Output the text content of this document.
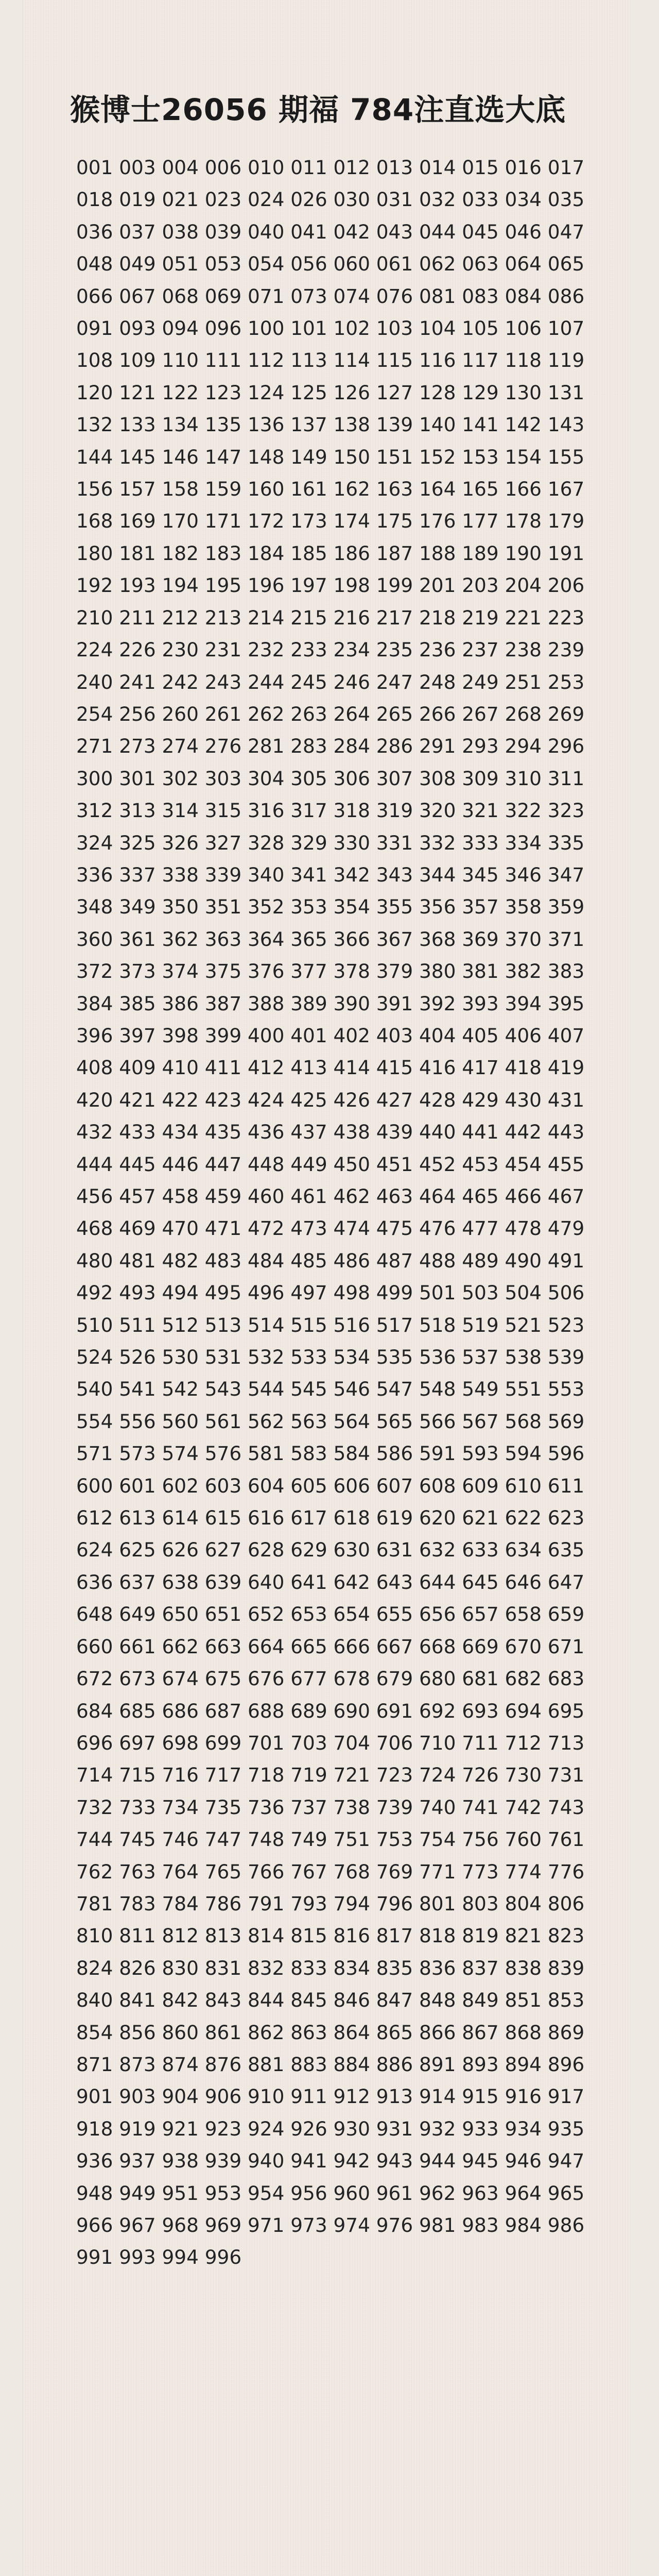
猴博士26056 期福 784注直选大底
001 003 004 006 010 011 012 013 014 015 016 017 018 019 021 023 024 026 030 031 032 033 034 035 036 037 038 039 040 041 042 043 044 045 046 047 048 049 051 053 054 056 060 061 062 063 064 065 066 067 068 069 071 073 074 076 081 083 084 086 091 093 094 096 100 101 102 103 104 105 106 107 108 109 110 111 112 113 114 115 116 117 118 119 120 121 122 123 124 125 126 127 128 129 130 131 132 133 134 135 136 137 138 139 140 141 142 143 144 145 146 147 148 149 150 151 152 153 154 155 156 157 158 159 160 161 162 163 164 165 166 167 168 169 170 171 172 173 174 175 176 177 178 179 180 181 182 183 184 185 186 187 188 189 190 191 192 193 194 195 196 197 198 199 201 203 204 206 210 211 212 213 214 215 216 217 218 219 221 223 224 226 230 231 232 233 234 235 236 237 238 239 240 241 242 243 244 245 246 247 248 249 251 253 254 256 260 261 262 263 264 265 266 267 268 269 271 273 274 276 281 283 284 286 291 293 294 296 300 301 302 303 304 305 306 307 308 309 310 311 312 313 314 315 316 317 318 319 320 321 322 323 324 325 326 327 328 329 330 331 332 333 334 335 336 337 338 339 340 341 342 343 344 345 346 347 348 349 350 351 352 353 354 355 356 357 358 359 360 361 362 363 364 365 366 367 368 369 370 371 372 373 374 375 376 377 378 379 380 381 382 383 384 385 386 387 388 389 390 391 392 393 394 395 396 397 398 399 400 401 402 403 404 405 406 407 408 409 410 411 412 413 414 415 416 417 418 419 420 421 422 423 424 425 426 427 428 429 430 431 432 433 434 435 436 437 438 439 440 441 442 443 444 445 446 447 448 449 450 451 452 453 454 455 456 457 458 459 460 461 462 463 464 465 466 467 468 469 470 471 472 473 474 475 476 477 478 479 480 481 482 483 484 485 486 487 488 489 490 491 492 493 494 495 496 497 498 499 501 503 504 506 510 511 512 513 514 515 516 517 518 519 521 523 524 526 530 531 532 533 534 535 536 537 538 539 540 541 542 543 544 545 546 547 548 549 551 553 554 556 560 561 562 563 564 565 566 567 568 569 571 573 574 576 581 583 584 586 591 593 594 596 600 601 602 603 604 605 606 607 608 609 610 611 612 613 614 615 616 617 618 619 620 621 622 623 624 625 626 627 628 629 630 631 632 633 634 635 636 637 638 639 640 641 642 643 644 645 646 647 648 649 650 651 652 653 654 655 656 657 658 659 660 661 662 663 664 665 666 667 668 669 670 671 672 673 674 675 676 677 678 679 680 681 682 683 684 685 686 687 688 689 690 691 692 693 694 695 696 697 698 699 701 703 704 706 710 711 712 713 714 715 716 717 718 719 721 723 724 726 730 731 732 733 734 735 736 737 738 739 740 741 742 743 744 745 746 747 748 749 751 753 754 756 760 761 762 763 764 765 766 767 768 769 771 773 774 776 781 783 784 786 791 793 794 796 801 803 804 806 810 811 812 813 814 815 816 817 818 819 821 823 824 826 830 831 832 833 834 835 836 837 838 839 840 841 842 843 844 845 846 847 848 849 851 853 854 856 860 861 862 863 864 865 866 867 868 869 871 873 874 876 881 883 884 886 891 893 894 896 901 903 904 906 910 911 912 913 914 915 916 917 918 919 921 923 924 926 930 931 932 933 934 935 936 937 938 939 940 941 942 943 944 945 946 947 948 949 951 953 954 956 960 961 962 963 964 965 966 967 968 969 971 973 974 976 981 983 984 986 991 993 994 996
